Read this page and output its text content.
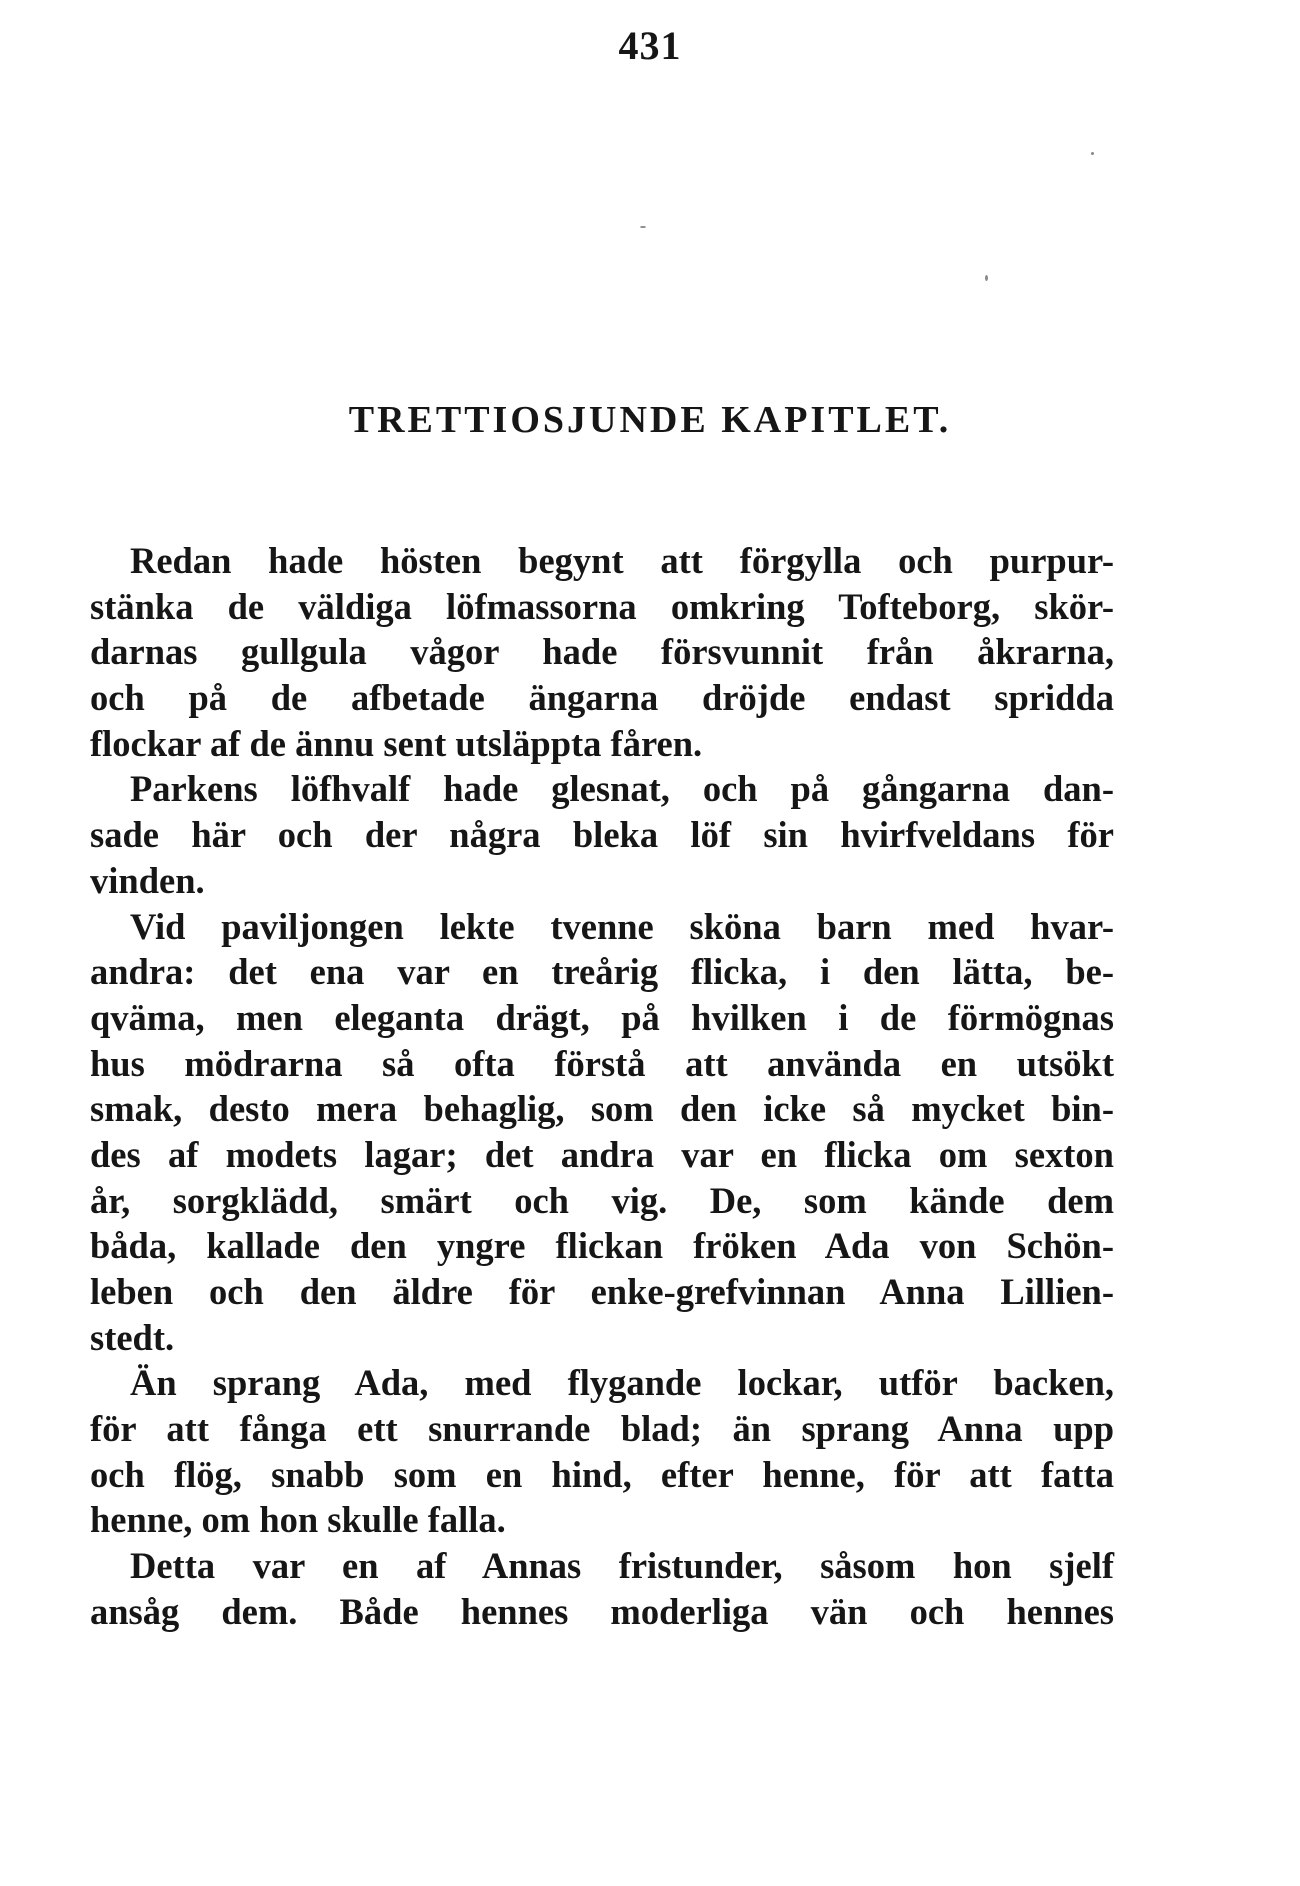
431
TRETTIOSJUNDE KAPITLET.
Redan hade hösten begynt att förgylla och purpur-
stänka de väldiga löfmassorna omkring Tofteborg, skör-
darnas gullgula vågor hade försvunnit från åkrarna,
och på de afbetade ängarna dröjde endast spridda
flockar af de ännu sent utsläppta fåren.
Parkens löfhvalf hade glesnat, och på gångarna dan-
sade här och der några bleka löf sin hvirfveldans för
vinden.
Vid paviljongen lekte tvenne sköna barn med hvar-
andra: det ena var en treårig flicka, i den lätta, be-
qväma, men eleganta drägt, på hvilken i de förmögnas
hus mödrarna så ofta förstå att använda en utsökt
smak, desto mera behaglig, som den icke så mycket bin-
des af modets lagar; det andra var en flicka om sexton
år, sorgklädd, smärt och vig. De, som kände dem
båda, kallade den yngre flickan fröken Ada von Schön-
leben och den äldre för enke-grefvinnan Anna Lillien-
stedt.
Än sprang Ada, med flygande lockar, utför backen,
för att fånga ett snurrande blad; än sprang Anna upp
och flög, snabb som en hind, efter henne, för att fatta
henne, om hon skulle falla.
Detta var en af Annas fristunder, såsom hon sjelf
ansåg dem. Både hennes moderliga vän och hennes
